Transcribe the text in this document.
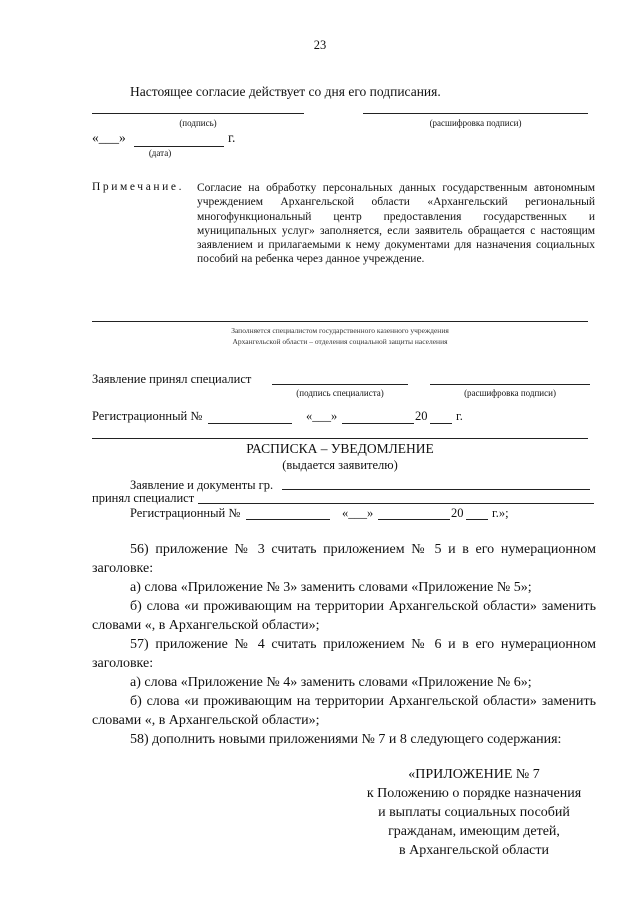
23
Настоящее согласие действует со дня его подписания.
(подпись)	(расшифровка подписи)
«___»	г.
(дата)
Примечание. Согласие на обработку персональных данных государственным автономным учреждением Архангельской области «Архангельский региональный многофункциональный центр предоставления государственных и муниципальных услуг» заполняется, если заявитель обращается с настоящим заявлением и прилагаемыми к нему документами для назначения социальных пособий на ребенка через данное учреждение.
Заполняется специалистом государственного казенного учреждения
Архангельской области – отделения социальной защиты населения
Заявление принял специалист
(подпись специалиста)	(расшифровка подписи)
Регистрационный №	«___»	20 г.
РАСПИСКА – УВЕДОМЛЕНИЕ
(выдается заявителю)
Заявление и документы гр.
принял специалист
Регистрационный №	«___»	20 г.»;
56) приложение № 3 считать приложением № 5 и в его нумерационном заголовке:
а) слова «Приложение № 3» заменить словами «Приложение № 5»;
б) слова «и проживающим на территории Архангельской области» заменить словами «, в Архангельской области»;
57) приложение № 4 считать приложением № 6 и в его нумерационном заголовке:
а) слова «Приложение № 4» заменить словами «Приложение № 6»;
б) слова «и проживающим на территории Архангельской области» заменить словами «, в Архангельской области»;
58) дополнить новыми приложениями № 7 и 8 следующего содержания:
«ПРИЛОЖЕНИЕ № 7
к Положению о порядке назначения
и выплаты социальных пособий
гражданам, имеющим детей,
в Архангельской области
